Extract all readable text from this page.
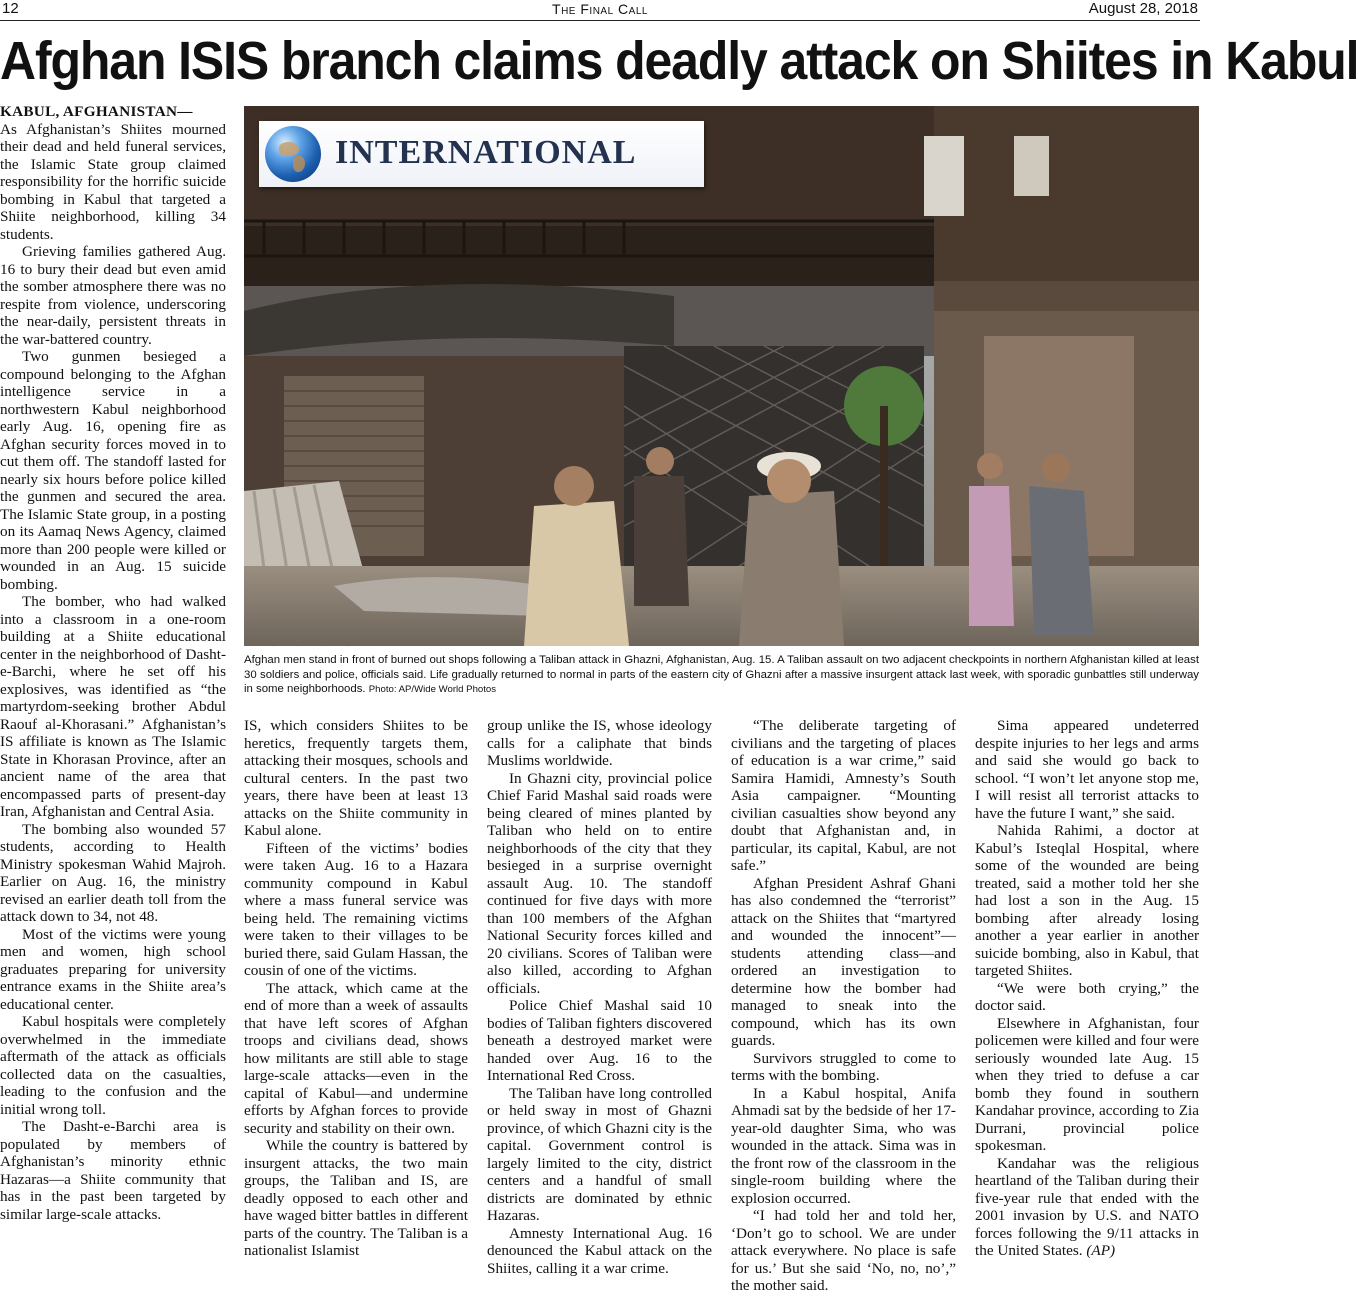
12	The Final Call	August 28, 2018
Afghan ISIS branch claims deadly attack on Shiites in Kabul

KABUL, AFGHANISTAN—
As Afghanistan’s Shiites mourned their dead and held funeral services, the Islamic State group claimed responsibility for the horrific suicide bombing in Kabul that targeted a Shiite neighborhood, killing 34 students.

Grieving families gathered Aug. 16 to bury their dead but even amid the somber atmosphere there was no respite from violence, underscoring the near-daily, persistent threats in the war-battered country.

Two gunmen besieged a compound belonging to the Afghan intelligence service in a northwestern Kabul neighborhood early Aug. 16, opening fire as Afghan security forces moved in to cut them off. The standoff lasted for nearly six hours before police killed the gunmen and secured the area. The Islamic State group, in a posting on its Aamaq News Agency, claimed more than 200 people were killed or wounded in an Aug. 15 suicide bombing.

The bomber, who had walked into a classroom in a one-room building at a Shiite educational center in the neighborhood of Dasht-e-Barchi, where he set off his explosives, was identified as “the martyrdom-seeking brother Abdul Raouf al-Khorasani.” Afghanistan’s IS affiliate is known as The Islamic State in Khorasan Province, after an ancient name of the area that encompassed parts of present-day Iran, Afghanistan and Central Asia.

The bombing also wounded 57 students, according to Health Ministry spokesman Wahid Majroh. Earlier on Aug. 16, the ministry revised an earlier death toll from the attack down to 34, not 48.

Most of the victims were young men and women, high school graduates preparing for university entrance exams in the Shiite area’s educational center.

Kabul hospitals were completely overwhelmed in the immediate aftermath of the attack as officials collected data on the casualties, leading to the confusion and the initial wrong toll.

The Dasht-e-Barchi area is populated by members of Afghanistan’s minority ethnic Hazaras—a Shiite community that has in the past been targeted by similar large-scale attacks.

INTERNATIONAL
Afghan men stand in front of burned out shops following a Taliban attack in Ghazni, Afghanistan, Aug. 15. A Taliban assault on two adjacent checkpoints in northern Afghanistan killed at least 30 soldiers and police, officials said. Life gradually returned to normal in parts of the eastern city of Ghazni after a massive insurgent attack last week, with sporadic gunbattles still underway in some neighborhoods. Photo: AP/Wide World Photos

IS, which considers Shiites to be heretics, frequently targets them, attacking their mosques, schools and cultural centers. In the past two years, there have been at least 13 attacks on the Shiite community in Kabul alone.

Fifteen of the victims’ bodies were taken Aug. 16 to a Hazara community compound in Kabul where a mass funeral service was being held. The remaining victims were taken to their villages to be buried there, said Gulam Hassan, the cousin of one of the victims.

The attack, which came at the end of more than a week of assaults that have left scores of Afghan troops and civilians dead, shows how militants are still able to stage large-scale attacks—even in the capital of Kabul—and undermine efforts by Afghan forces to provide security and stability on their own.

While the country is battered by insurgent attacks, the two main groups, the Taliban and IS, are deadly opposed to each other and have waged bitter battles in different parts of the country. The Taliban is a nationalist Islamist

group unlike the IS, whose ideology calls for a caliphate that binds Muslims worldwide.

In Ghazni city, provincial police Chief Farid Mashal said roads were being cleared of mines planted by Taliban who held on to entire neighborhoods of the city that they besieged in a surprise overnight assault Aug. 10. The standoff continued for five days with more than 100 members of the Afghan National Security forces killed and 20 civilians. Scores of Taliban were also killed, according to Afghan officials.

Police Chief Mashal said 10 bodies of Taliban fighters discovered beneath a destroyed market were handed over Aug. 16 to the International Red Cross.

The Taliban have long controlled or held sway in most of Ghazni province, of which Ghazni city is the capital. Government control is largely limited to the city, district centers and a handful of small districts are dominated by ethnic Hazaras.

Amnesty International Aug. 16 denounced the Kabul attack on the Shiites, calling it a war crime.

“The deliberate targeting of civilians and the targeting of places of education is a war crime,” said Samira Hamidi, Amnesty’s South Asia campaigner. “Mounting civilian casualties show beyond any doubt that Afghanistan and, in particular, its capital, Kabul, are not safe.”

Afghan President Ashraf Ghani has also condemned the “terrorist” attack on the Shiites that “martyred and wounded the innocent”—students attending class—and ordered an investigation to determine how the bomber had managed to sneak into the compound, which has its own guards.

Survivors struggled to come to terms with the bombing.

In a Kabul hospital, Anifa Ahmadi sat by the bedside of her 17-year-old daughter Sima, who was wounded in the attack. Sima was in the front row of the classroom in the single-room building where the explosion occurred.

“I had told her and told her, ‘Don’t go to school. We are under attack everywhere. No place is safe for us.’ But she said ‘No, no, no’,” the mother said.

Sima appeared undeterred despite injuries to her legs and arms and said she would go back to school. “I won’t let anyone stop me, I will resist all terrorist attacks to have the future I want,” she said.

Nahida Rahimi, a doctor at Kabul’s Isteqlal Hospital, where some of the wounded are being treated, said a mother told her she had lost a son in the Aug. 15 bombing after already losing another a year earlier in another suicide bombing, also in Kabul, that targeted Shiites.

“We were both crying,” the doctor said.

Elsewhere in Afghanistan, four policemen were killed and four were seriously wounded late Aug. 15 when they tried to defuse a car bomb they found in southern Kandahar province, according to Zia Durrani, provincial police spokesman.

Kandahar was the religious heartland of the Taliban during their five-year rule that ended with the 2001 invasion by U.S. and NATO forces following the 9/11 attacks in the United States. (AP)
